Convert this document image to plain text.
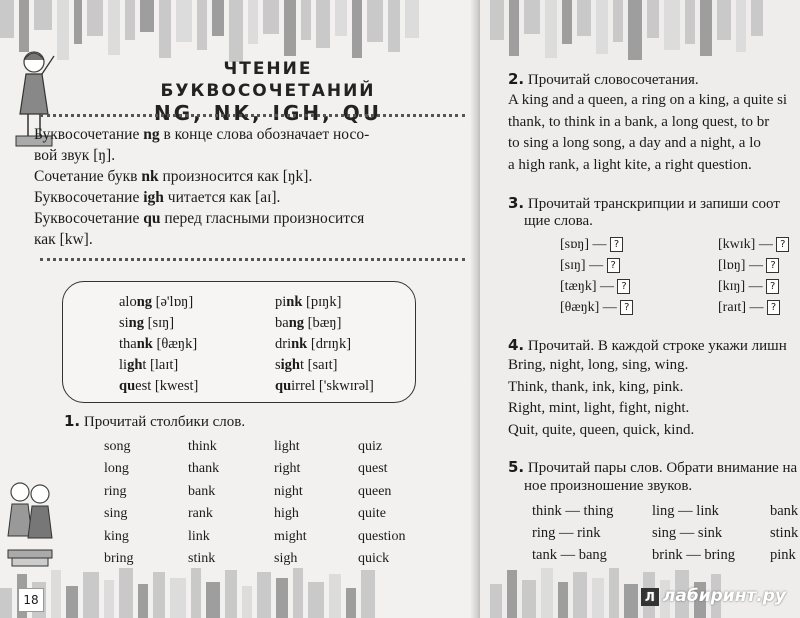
ЧТЕНИЕ БУКВОСОЧЕТАНИЙ
NG, NK, IGH, QU

Буквосочетание ng в конце слова обозначает носо-

вой звук [ŋ].

Сочетание букв nk произносится как [ŋk].

Буквосочетание igh читается как [aɪ].

Буквосочетание qu перед гласными произносится

как [kw].

along [ə'lɒŋ]
sing [sɪŋ]
thank [θæŋk]
light [laɪt]
quest [kwest]
pink [pɪŋk]
bang [bæŋ]
drink [drɪŋk]
sight [saɪt]
quirrel ['skwɪrəl]
1. Прочитай столбики слов.
song
long
ring
sing
king
bring
think
thank
bank
rank
link
stink
light
right
night
high
might
sigh
quiz
quest
queen
quite
question
quick
18
2. Прочитай словосочетания.
A king and a queen, a ring on a king, a quite si
thank, to think in a bank, a long quest, to br
to sing a long song, a day and a night, a lo
a high rank, a light kite, a right question.
3. Прочитай транскрипции и запиши соот
щие слова.
[sɒŋ] — ?
[sɪŋ] — ?
[tæŋk] — ?
[θæŋk] — ?
[kwɪk] — ?
[lɒŋ] — ?
[kɪŋ] — ?
[raɪt] — ?
4. Прочитай. В каждой строке укажи лишн
Bring, night, long, sing, wing.
Think, thank, ink, king, pink.
Right, mint, light, fight, night.
Quit, quite, queen, quick, kind.
5. Прочитай пары слов. Обрати внимание на
ное произношение звуков.
think — thing
ring — rink
tank — bang
ling — link
sing — sink
brink — bring
bank
stink
pink
Л лабиринт.ру
